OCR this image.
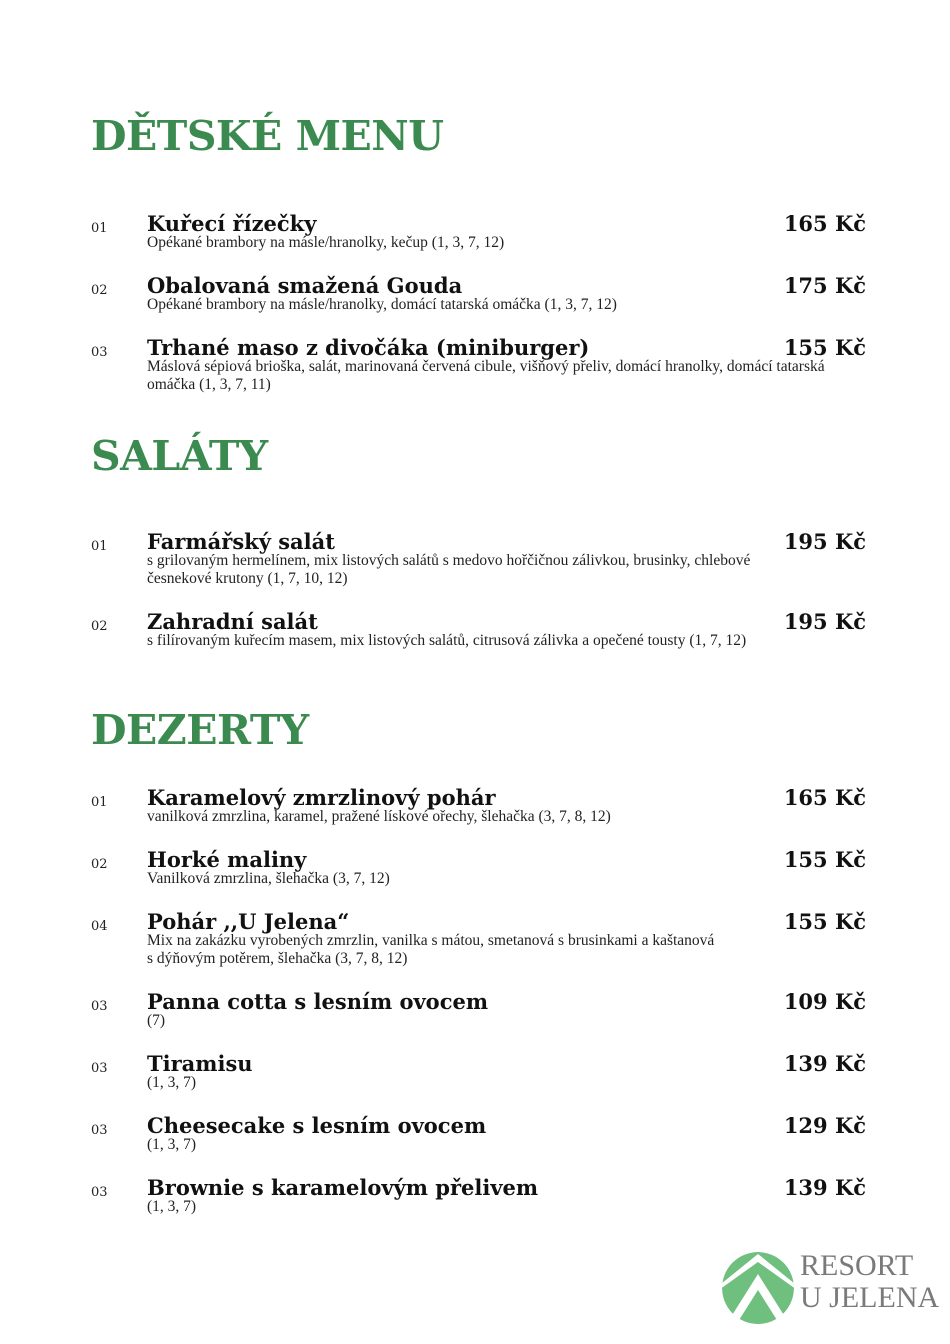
DĚTSKÉ MENU
01 Kuřecí řízečky	165 Kč
Opékané brambory na másle/hranolky, kečup (1, 3, 7, 12)
02 Obalovaná smažená Gouda	175 Kč
Opékané brambory na másle/hranolky, domácí tatarská omáčka (1, 3, 7, 12)
03 Trhané maso z divočáka (miniburger)	155 Kč
Máslová sépiová brioška, salát, marinovaná červená cibule, višňový přeliv, domácí hranolky, domácí tatarská omáčka (1, 3, 7, 11)
SALÁTY
01 Farmářský salát	195 Kč
s grilovaným hermelínem, mix listových salátů s medovo hořčičnou zálivkou, brusinky, chlebové česnekové krutony (1, 7, 10, 12)
02 Zahradní salát	195 Kč
s filírovaným kuřecím masem, mix listových salátů, citrusová zálivka a opečené tousty (1, 7, 12)
DEZERTY
01 Karamelový zmrzlinový pohár	165 Kč
vanilková zmrzlina, karamel, pražené lískové ořechy, šlehačka (3, 7, 8, 12)
02 Horké maliny	155 Kč
Vanilková zmrzlina, šlehačka (3, 7, 12)
04 Pohár ,,U Jelena“	155 Kč
Mix na zakázku vyrobených zmrzlin, vanilka s mátou, smetanová s brusinkami a kaštanová s dýňovým potěrem, šlehačka (3, 7, 8, 12)
03 Panna cotta s lesním ovocem	109 Kč
(7)
03 Tiramisu	139 Kč
(1, 3, 7)
03 Cheesecake s lesním ovocem	129 Kč
(1, 3, 7)
03 Brownie s karamelovým přelivem	139 Kč
(1, 3, 7)
RESORT
U JELENA
